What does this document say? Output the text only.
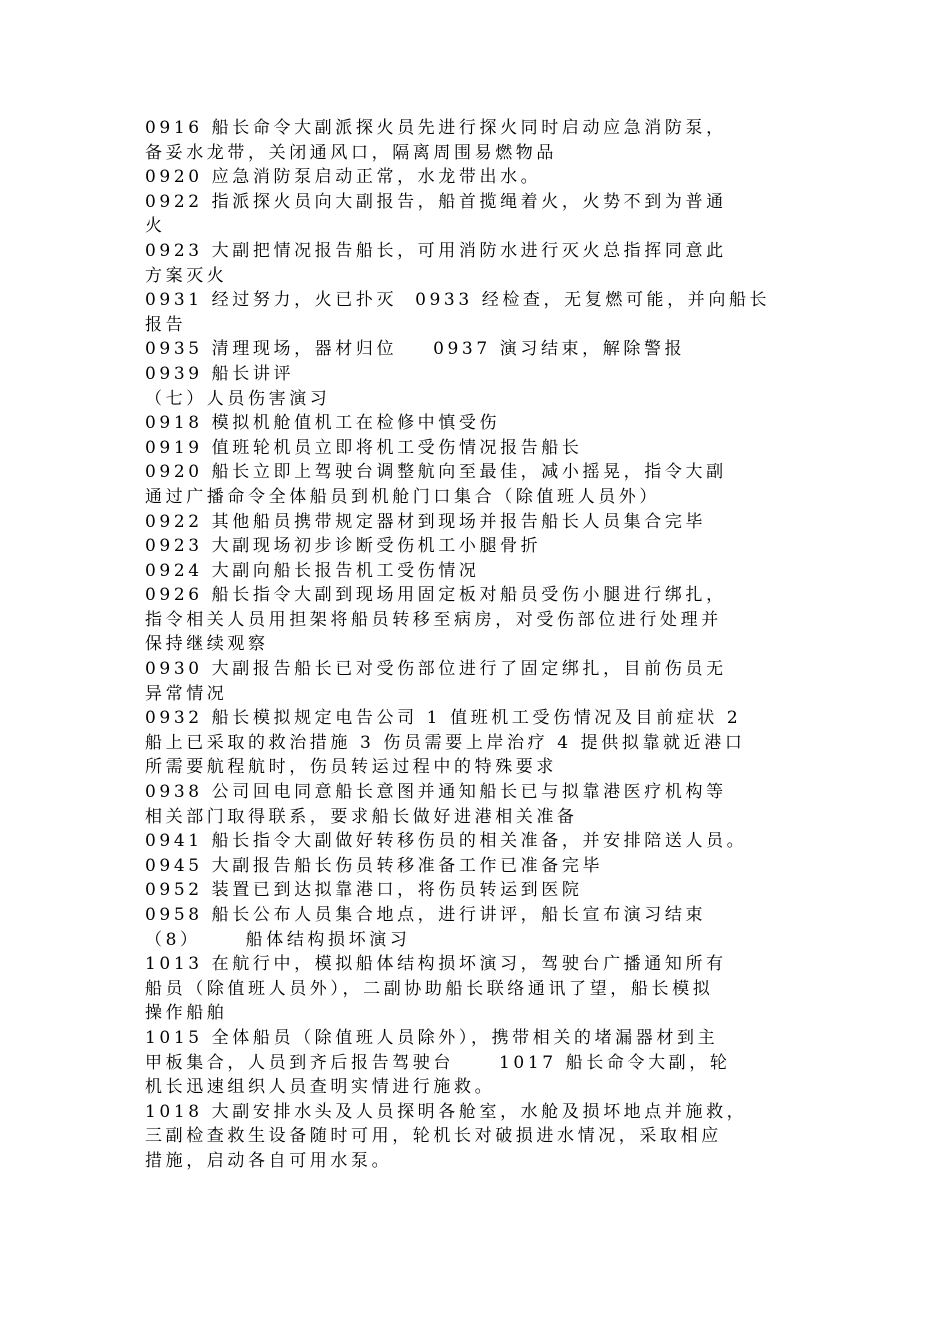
0916 船长命令大副派探火员先进行探火同时启动应急消防泵，
备妥水龙带，关闭通风口，隔离周围易燃物品
0920 应急消防泵启动正常，水龙带出水。
0922 指派探火员向大副报告，船首揽绳着火，火势不到为普通
火
0923 大副把情况报告船长，可用消防水进行灭火总指挥同意此
方案灭火
0931 经过努力，火已扑灭  0933 经检查，无复燃可能，并向船长
报告
0935 清理现场，器材归位    0937 演习结束，解除警报
0939 船长讲评
（七）人员伤害演习
0918 模拟机舱值机工在检修中慎受伤
0919 值班轮机员立即将机工受伤情况报告船长
0920 船长立即上驾驶台调整航向至最佳，减小摇晃，指令大副
通过广播命令全体船员到机舱门口集合（除值班人员外）
0922 其他船员携带规定器材到现场并报告船长人员集合完毕
0923 大副现场初步诊断受伤机工小腿骨折
0924 大副向船长报告机工受伤情况
0926 船长指令大副到现场用固定板对船员受伤小腿进行绑扎，
指令相关人员用担架将船员转移至病房，对受伤部位进行处理并
保持继续观察
0930 大副报告船长已对受伤部位进行了固定绑扎，目前伤员无
异常情况
0932 船长模拟规定电告公司 1 值班机工受伤情况及目前症状 2
船上已采取的救治措施 3 伤员需要上岸治疗 4 提供拟靠就近港口
所需要航程航时，伤员转运过程中的特殊要求
0938 公司回电同意船长意图并通知船长已与拟靠港医疗机构等
相关部门取得联系，要求船长做好进港相关准备
0941 船长指令大副做好转移伤员的相关准备，并安排陪送人员。
0945 大副报告船长伤员转移准备工作已准备完毕
0952 装置已到达拟靠港口，将伤员转运到医院
0958 船长公布人员集合地点，进行讲评，船长宣布演习结束
（8）     船体结构损坏演习
1013 在航行中，模拟船体结构损坏演习，驾驶台广播通知所有
船员（除值班人员外），二副协助船长联络通讯了望，船长模拟
操作船舶
1015 全体船员（除值班人员除外），携带相关的堵漏器材到主
甲板集合，人员到齐后报告驾驶台     1017 船长命令大副，轮
机长迅速组织人员查明实情进行施救。
1018 大副安排水头及人员探明各舱室，水舱及损坏地点并施救，
三副检查救生设备随时可用，轮机长对破损进水情况，采取相应
措施，启动各自可用水泵。
